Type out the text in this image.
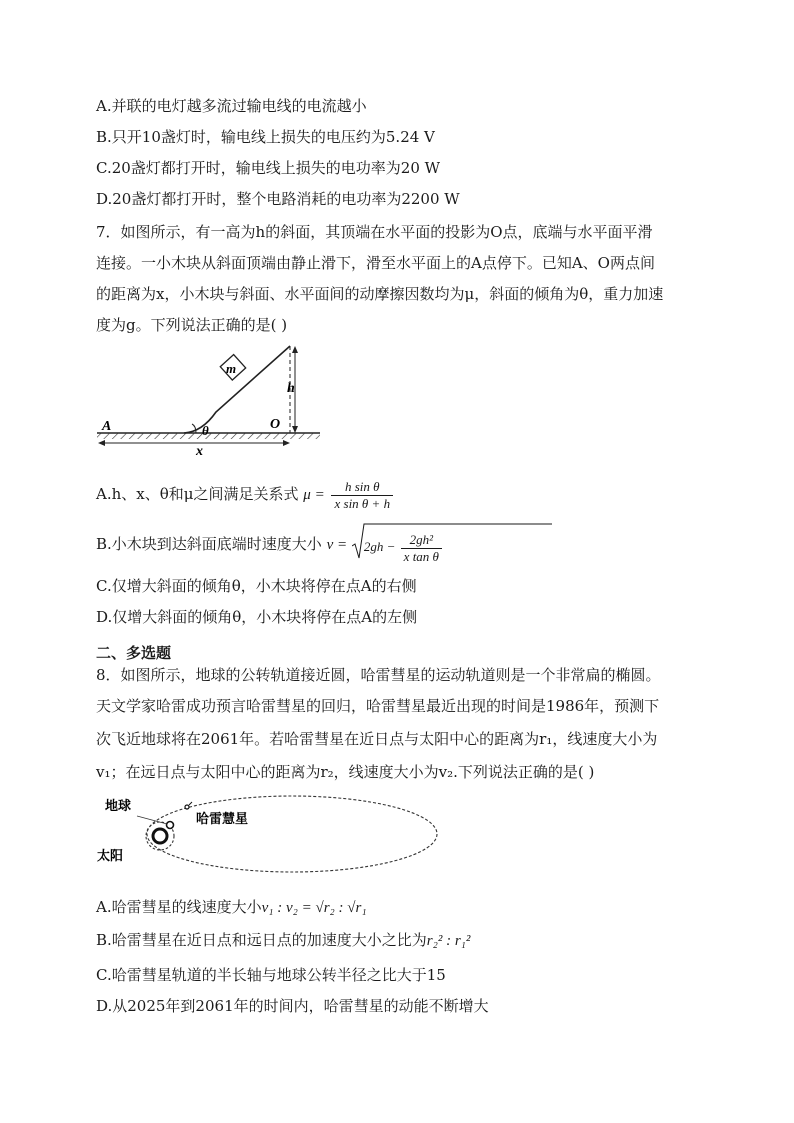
A.并联的电灯越多流过输电线的电流越小
B.只开10盏灯时，输电线上损失的电压约为5.24 V
C.20盏灯都打开时，输电线上损失的电功率为20 W
D.20盏灯都打开时，整个电路消耗的电功率为2200 W
7．如图所示，有一高为h的斜面，其顶端在水平面的投影为O点，底端与水平面平滑
连接。一小木块从斜面顶端由静止滑下，滑至水平面上的A点停下。已知A、O两点间
的距离为x，小木块与斜面、水平面间的动摩擦因数均为μ，斜面的倾角为θ，重力加速
度为g。下列说法正确的是( )
h
m
A	O
θ
x
A.h、x、θ和μ之间满足关系式 $\mu = \frac{\text{h sin θ}}{\text{x sin θ + h}}$
B.小木块到达斜面底端时速度大小 $v = 2gh - \frac{\text{2gh²}}{\text{x tan θ}}$
C.仅增大斜面的倾角θ，小木块将停在点A的右侧
D.仅增大斜面的倾角θ，小木块将停在点A的左侧
二、多选题
8．如图所示，地球的公转轨道接近圆，哈雷彗星的运动轨道则是一个非常扁的椭圆。
天文学家哈雷成功预言哈雷彗星的回归，哈雷彗星最近出现的时间是1986年，预测下
次飞近地球将在2061年。若哈雷彗星在近日点与太阳中心的距离为r₁，线速度大小为
v₁；在远日点与太阳中心的距离为r₂，线速度大小为v₂.下列说法正确的是( )
地球
哈雷慧星
太阳
A.哈雷彗星的线速度大小v₁ : v₂ = √r₂ : √r₁
B.哈雷彗星在近日点和远日点的加速度大小之比为r₂² : r₁²
C.哈雷彗星轨道的半长轴与地球公转半径之比大于15
D.从2025年到2061年的时间内，哈雷彗星的动能不断增大
